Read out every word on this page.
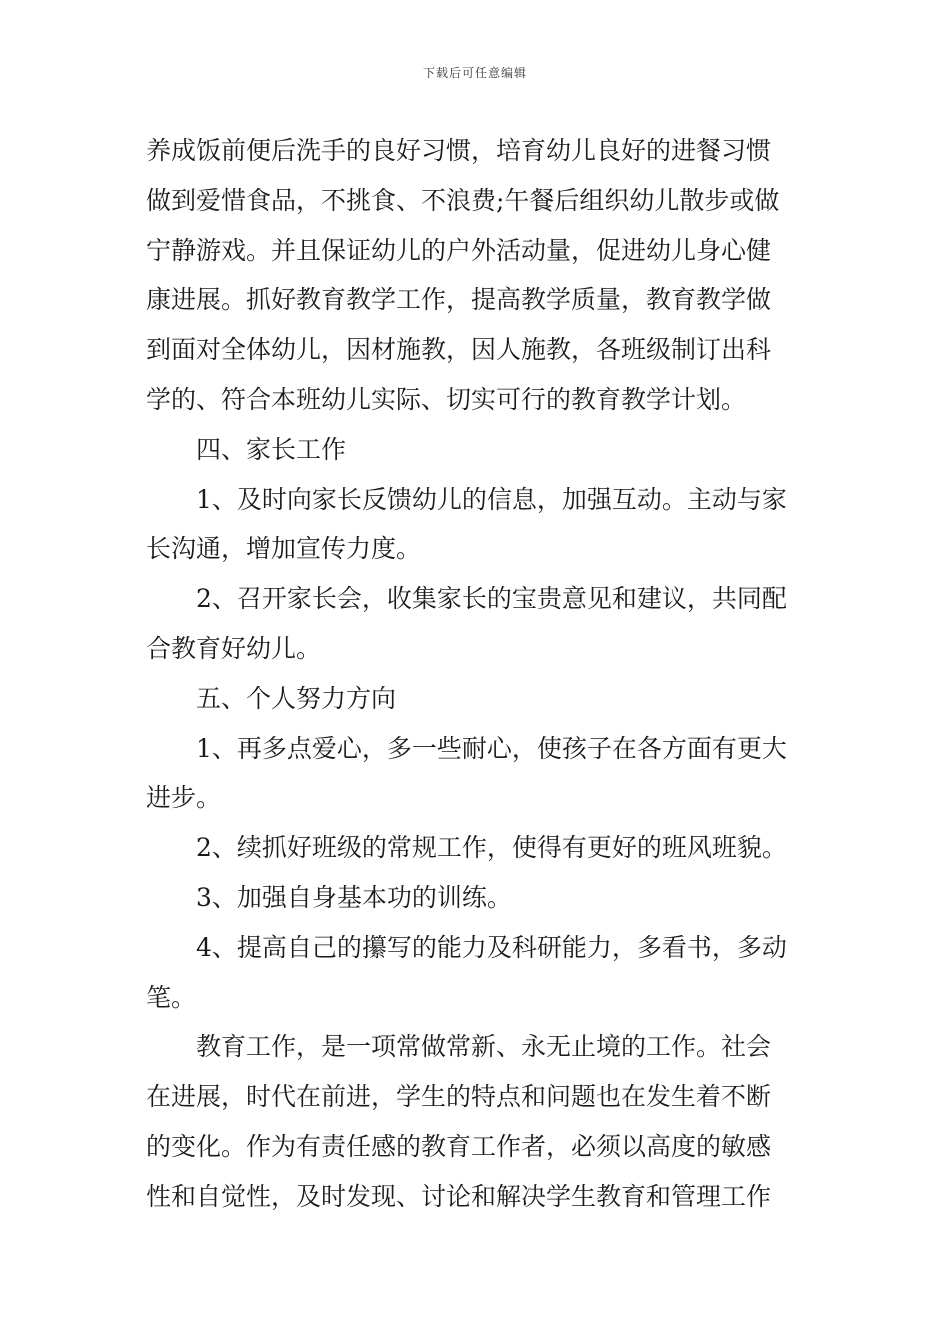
下载后可任意编辑
养成饭前便后洗手的良好习惯，培育幼儿良好的进餐习惯
做到爱惜食品，不挑食、不浪费;午餐后组织幼儿散步或做
宁静游戏。并且保证幼儿的户外活动量，促进幼儿身心健
康进展。抓好教育教学工作，提高教学质量，教育教学做
到面对全体幼儿，因材施教，因人施教，各班级制订出科
学的、符合本班幼儿实际、切实可行的教育教学计划。
四、家长工作
1、及时向家长反馈幼儿的信息，加强互动。主动与家
长沟通，增加宣传力度。
2、召开家长会，收集家长的宝贵意见和建议，共同配
合教育好幼儿。
五、个人努力方向
1、再多点爱心，多一些耐心，使孩子在各方面有更大
进步。
2、续抓好班级的常规工作，使得有更好的班风班貌。
3、加强自身基本功的训练。
4、提高自己的攥写的能力及科研能力，多看书，多动
笔。
教育工作，是一项常做常新、永无止境的工作。社会
在进展，时代在前进，学生的特点和问题也在发生着不断
的变化。作为有责任感的教育工作者，必须以高度的敏感
性和自觉性，及时发现、讨论和解决学生教育和管理工作
